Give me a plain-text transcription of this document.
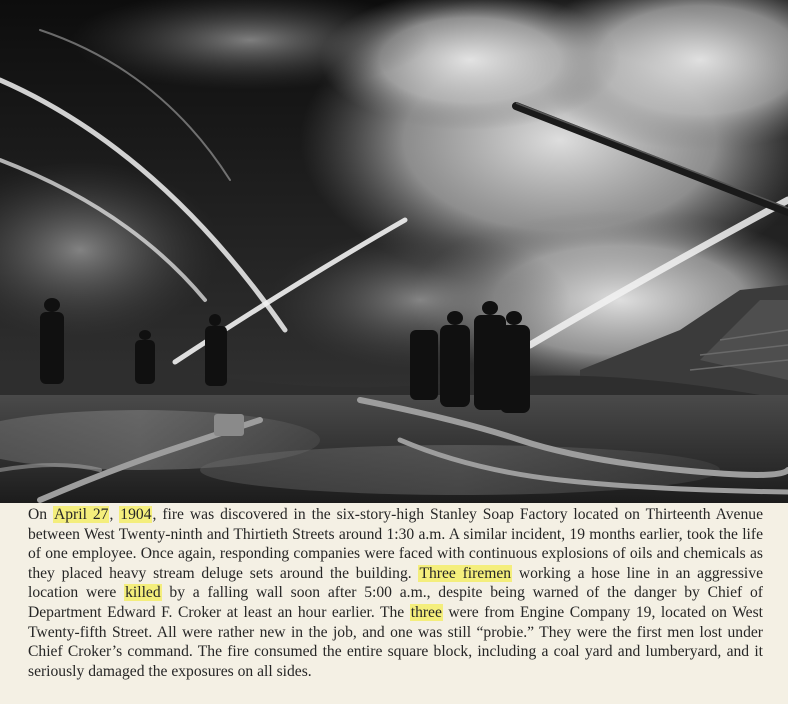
On April 27, 1904, fire was discovered in the six-story-high Stanley Soap Factory located on Thirteenth Avenue between West Twenty-ninth and Thirtieth Streets around 1:30 a.m. A similar incident, 19 months earlier, took the life of one employee. Once again, responding companies were faced with continuous explosions of oils and chemicals as they placed heavy stream deluge sets around the building. Three firemen working a hose line in an aggressive location were killed by a falling wall soon after 5:00 a.m., despite being warned of the danger by Chief of Department Edward F. Croker at least an hour earlier. The three were from Engine Company 19, located on West Twenty-fifth Street. All were rather new in the job, and one was still “probie.” They were the first men lost under Chief Croker’s command. The fire consumed the entire square block, including a coal yard and lumberyard, and it seriously damaged the exposures on all sides.
